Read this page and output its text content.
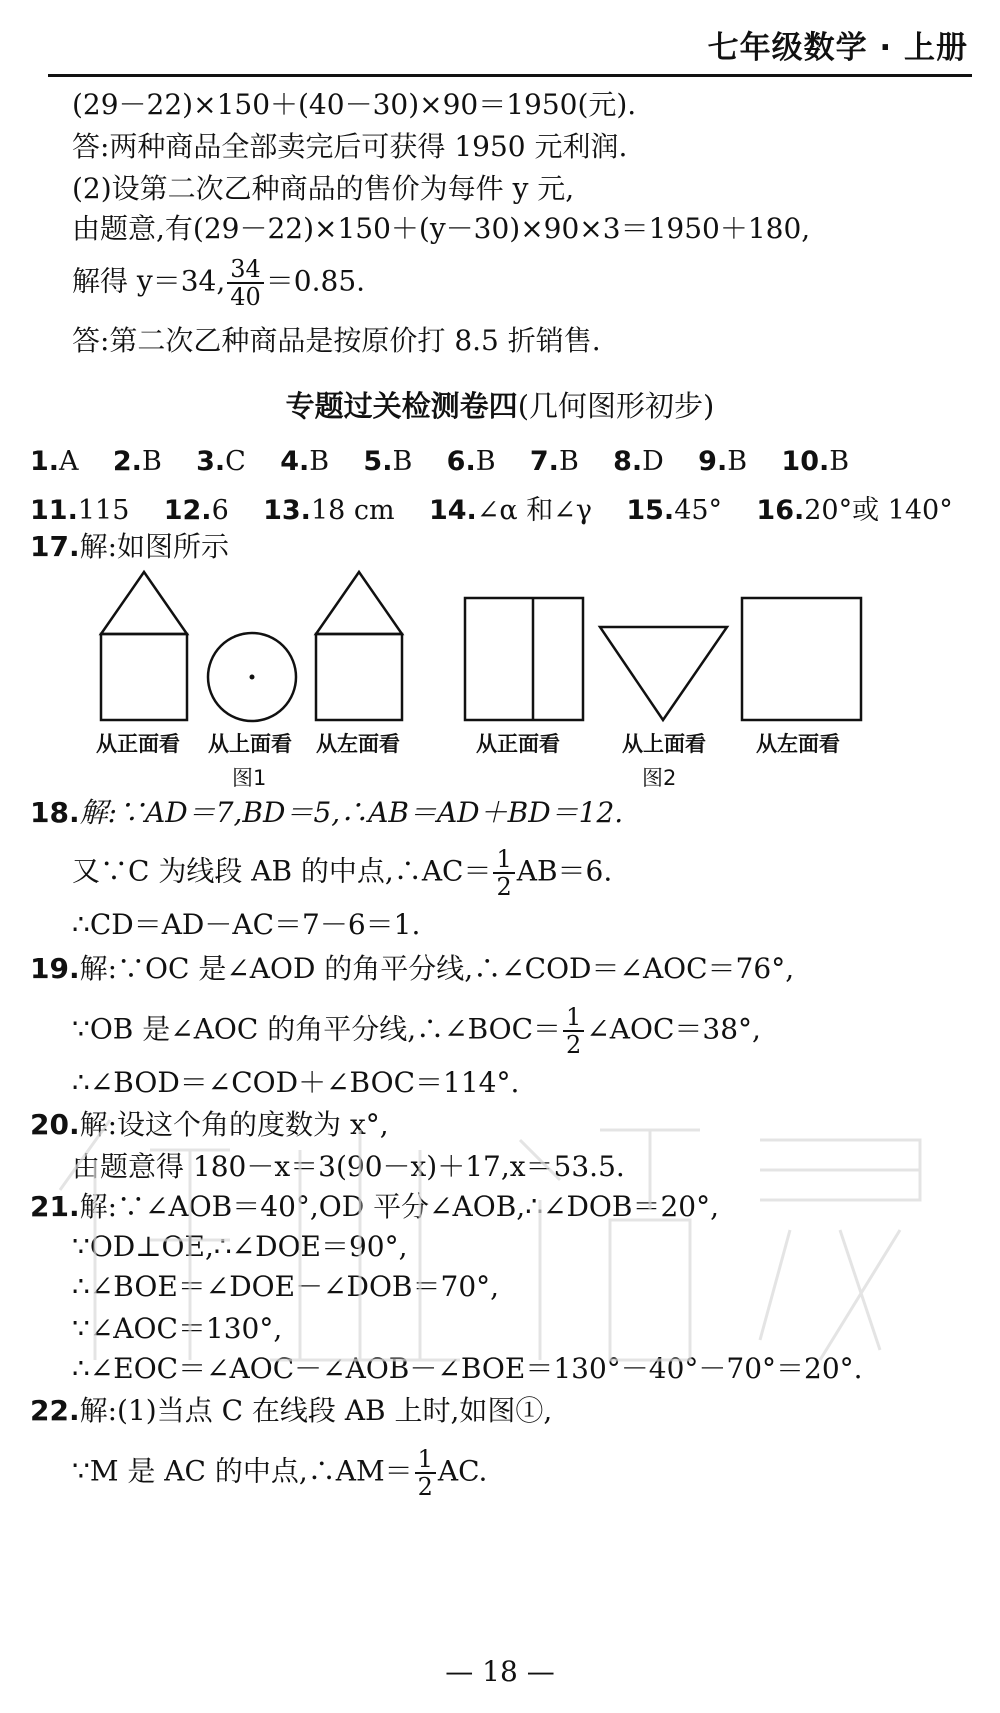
七年级数学 · 上册
(29－22)×150＋(40－30)×90＝1950(元).
答:两种商品全部卖完后可获得 1950 元利润.
(2)设第二次乙种商品的售价为每件 y 元,
由题意,有(29－22)×150＋(y－30)×90×3＝1950＋180,
解得 y＝34, $\frac{34}{40} =0.85$.
答:第二次乙种商品是按原价打 8.5 折销售.
专题过关检测卷四(几何图形初步)
1.A 2.B 3.C 4.B 5.B 6.B 7.B 8.D 9.B 10.B
11.115 12.6 13.18 cm 14.∠α 和∠γ 15.45° 16.20°或 140°
17.解:如图所示
从正面看 从上面看 从左面看
图1
从正面看	从上面看 从左面看
图2
18.解:∵AD＝7,BD＝5,∴AB＝AD＋BD＝12.
又∵C 为线段 AB 的中点,∴AC＝ $\frac{1}{2} AB=6$.
∴CD＝AD－AC＝7－6＝1.
19.解:∵OC 是∠AOD 的角平分线,∴∠COD＝∠AOC＝76°,
∵OB 是∠AOC 的角平分线,∴∠BOC＝ $\frac{1}{2}$ ∠AOC＝38°,
∴∠BOD＝∠COD＋∠BOC＝114°.
20.解:设这个角的度数为 x°,
由题意得 180－x＝3(90－x)＋17,x＝53.5.
21.解:∵∠AOB＝40°,OD 平分∠AOB,∴∠DOB＝20°,
∵OD⊥OE,∴∠DOE＝90°,
∴∠BOE＝∠DOE－∠DOB＝70°,
∵∠AOC＝130°,
∴∠EOC＝∠AOC－∠AOB－∠BOE＝130°－40°－70°＝20°.
22.解:(1)当点 C 在线段 AB 上时,如图①,
∵M 是 AC 的中点,∴AM＝ $\frac{1}{2}$ AC.
— 18 —
